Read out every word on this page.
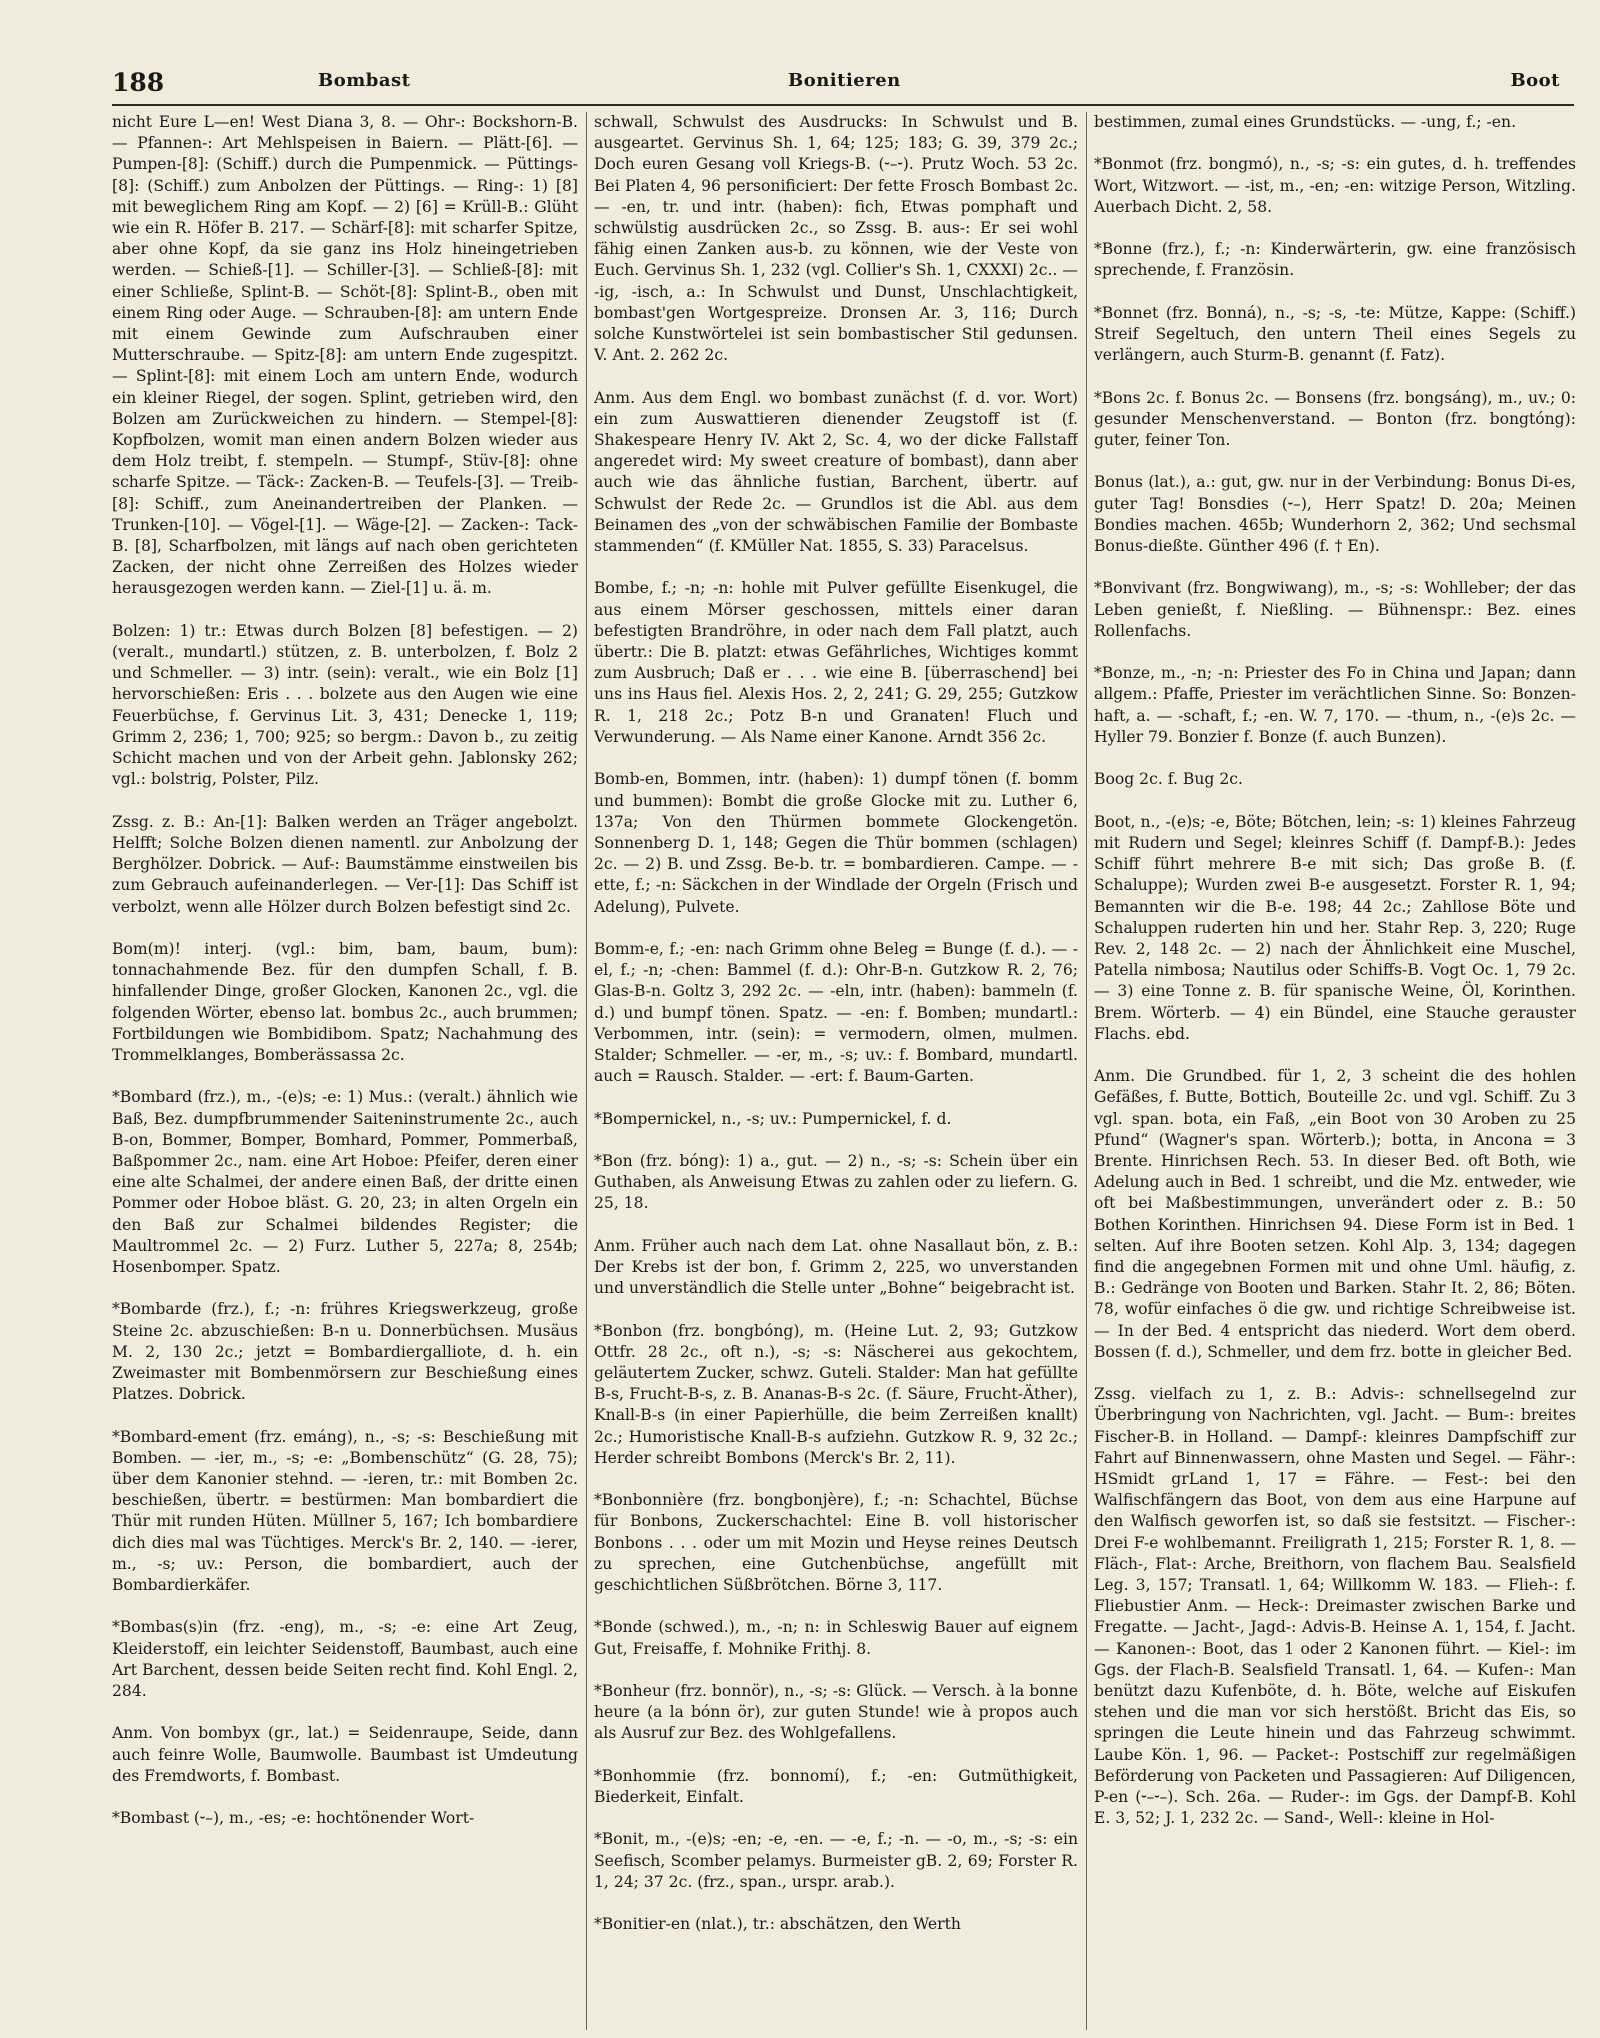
188	Bombast	Bonitieren	Boot
nicht Eure L—en! West Diana 3, 8. — Ohr-: Bockshorn-B. — Pfannen-: Art Mehlspeisen in Baiern. — Plätt-[6]. — Pumpen-[8]: (Schiff.) durch die Pumpenmick. — Püttings-[8]: (Schiff.) zum Anbolzen der Püttings. — Ring-: 1) [8] mit beweglichem Ring am Kopf. — 2) [6] = Krüll-B.: Glüht wie ein R. Höfer B. 217. — Schärf-[8]: mit scharfer Spitze, aber ohne Kopf, da sie ganz ins Holz hineingetrieben werden. — Schieß-[1]. — Schiller-[3]. — Schließ-[8]: mit einer Schließe, Splint-B. — Schöt-[8]: Splint-B., oben mit einem Ring oder Auge. — Schrauben-[8]: am untern Ende mit einem Gewinde zum Aufschrauben einer Mutterschraube. — Spitz-[8]: am untern Ende zugespitzt. — Splint-[8]: mit einem Loch am untern Ende, wodurch ein kleiner Riegel, der sogen. Splint, getrieben wird, den Bolzen am Zurückweichen zu hindern. — Stempel-[8]: Kopfbolzen, womit man einen andern Bolzen wieder aus dem Holz treibt, f. stempeln. — Stumpf-, Stüv-[8]: ohne scharfe Spitze. — Täck-: Zacken-B. — Teufels-[3]. — Treib-[8]: Schiff., zum Aneinandertreiben der Planken. — Trunken-[10]. — Vögel-[1]. — Wäge-[2]. — Zacken-: Tack-B. [8], Scharfbolzen, mit längs auf nach oben gerichteten Zacken, der nicht ohne Zerreißen des Holzes wieder herausgezogen werden kann. — Ziel-[1] u. ä. m.

Bolzen: 1) tr.: Etwas durch Bolzen [8] befestigen. — 2) (veralt., mundartl.) stützen, z. B. unterbolzen, f. Bolz 2 und Schmeller. — 3) intr. (sein): veralt., wie ein Bolz [1] hervorschießen: Eris . . . bolzete aus den Augen wie eine Feuerbüchse, f. Gervinus Lit. 3, 431; Denecke 1, 119; Grimm 2, 236; 1, 700; 925; so bergm.: Davon b., zu zeitig Schicht machen und von der Arbeit gehn. Jablonsky 262; vgl.: bolstrig, Polster, Pilz.

Zssg. z. B.: An-[1]: Balken werden an Träger angebolzt. Helfft; Solche Bolzen dienen namentl. zur Anbolzung der Berghölzer. Dobrick. — Auf-: Baumstämme einstweilen bis zum Gebrauch aufeinanderlegen. — Ver-[1]: Das Schiff ist verbolzt, wenn alle Hölzer durch Bolzen befestigt sind 2c.

Bom(m)! interj. (vgl.: bim, bam, baum, bum): tonnachahmende Bez. für den dumpfen Schall, f. B. hinfallender Dinge, großer Glocken, Kanonen 2c., vgl. die folgenden Wörter, ebenso lat. bombus 2c., auch brummen; Fortbildungen wie Bombidibom. Spatz; Nachahmung des Trommelklanges, Bomberässassa 2c.

*Bombard (frz.), m., -(e)s; -e: 1) Mus.: (veralt.) ähnlich wie Baß, Bez. dumpfbrummender Saiteninstrumente 2c., auch B-on, Bommer, Bomper, Bomhard, Pommer, Pommerbaß, Baßpommer 2c., nam. eine Art Hoboe: Pfeifer, deren einer eine alte Schalmei, der andere einen Baß, der dritte einen Pommer oder Hoboe bläst. G. 20, 23; in alten Orgeln ein den Baß zur Schalmei bildendes Register; die Maultrommel 2c. — 2) Furz. Luther 5, 227a; 8, 254b; Hosenbomper. Spatz.

*Bombarde (frz.), f.; -n: frühres Kriegswerkzeug, große Steine 2c. abzuschießen: B-n u. Donnerbüchsen. Musäus M. 2, 130 2c.; jetzt = Bombardiergalliote, d. h. ein Zweimaster mit Bombenmörsern zur Beschießung eines Platzes. Dobrick.

*Bombard-ement (frz. emáng), n., -s; -s: Beschießung mit Bomben. — -ier, m., -s; -e: „Bombenschütz“ (G. 28, 75); über dem Kanonier stehnd. — -ieren, tr.: mit Bomben 2c. beschießen, übertr. = bestürmen: Man bombardiert die Thür mit runden Hüten. Müllner 5, 167; Ich bombardiere dich dies mal was Tüchtiges. Merck's Br. 2, 140. — -ierer, m., -s; uv.: Person, die bombardiert, auch der Bombardierkäfer.

*Bombas(s)in (frz. -eng), m., -s; -e: eine Art Zeug, Kleiderstoff, ein leichter Seidenstoff, Baumbast, auch eine Art Barchent, dessen beide Seiten recht find. Kohl Engl. 2, 284.

Anm. Von bombyx (gr., lat.) = Seidenraupe, Seide, dann auch feinre Wolle, Baumwolle. Baumbast ist Umdeutung des Fremdworts, f. Bombast.

*Bombast (⏑–), m., -es; -e: hochtönender Wort-
schwall, Schwulst des Ausdrucks: In Schwulst und B. ausgeartet. Gervinus Sh. 1, 64; 125; 183; G. 39, 379 2c.; Doch euren Gesang voll Kriegs-B. (⏑–⏑). Prutz Woch. 53 2c. Bei Platen 4, 96 personificiert: Der fette Frosch Bombast 2c. — -en, tr. und intr. (haben): fich, Etwas pomphaft und schwülstig ausdrücken 2c., so Zssg. B. aus-: Er sei wohl fähig einen Zanken aus-b. zu können, wie der Veste von Euch. Gervinus Sh. 1, 232 (vgl. Collier's Sh. 1, CXXXI) 2c.. — -ig, -isch, a.: In Schwulst und Dunst, Unschlachtigkeit, bombast'gen Wortgespreize. Dronsen Ar. 3, 116; Durch solche Kunstwörtelei ist sein bombastischer Stil gedunsen. V. Ant. 2. 262 2c.

Anm. Aus dem Engl. wo bombast zunächst (f. d. vor. Wort) ein zum Auswattieren dienender Zeugstoff ist (f. Shakespeare Henry IV. Akt 2, Sc. 4, wo der dicke Fallstaff angeredet wird: My sweet creature of bombast), dann aber auch wie das ähnliche fustian, Barchent, übertr. auf Schwulst der Rede 2c. — Grundlos ist die Abl. aus dem Beinamen des „von der schwäbischen Familie der Bombaste stammenden“ (f. KMüller Nat. 1855, S. 33) Paracelsus.

Bombe, f.; -n; -n: hohle mit Pulver gefüllte Eisenkugel, die aus einem Mörser geschossen, mittels einer daran befestigten Brandröhre, in oder nach dem Fall platzt, auch übertr.: Die B. platzt: etwas Gefährliches, Wichtiges kommt zum Ausbruch; Daß er . . . wie eine B. [überraschend] bei uns ins Haus fiel. Alexis Hos. 2, 2, 241; G. 29, 255; Gutzkow R. 1, 218 2c.; Potz B-n und Granaten! Fluch und Verwunderung. — Als Name einer Kanone. Arndt 356 2c.

Bomb-en, Bommen, intr. (haben): 1) dumpf tönen (f. bomm und bummen): Bombt die große Glocke mit zu. Luther 6, 137a; Von den Thürmen bommete Glockengetön. Sonnenberg D. 1, 148; Gegen die Thür bommen (schlagen) 2c. — 2) B. und Zssg. Be-b. tr. = bombardieren. Campe. — -ette, f.; -n: Säckchen in der Windlade der Orgeln (Frisch und Adelung), Pulvete.

Bomm-e, f.; -en: nach Grimm ohne Beleg = Bunge (f. d.). — -el, f.; -n; -chen: Bammel (f. d.): Ohr-B-n. Gutzkow R. 2, 76; Glas-B-n. Goltz 3, 292 2c. — -eln, intr. (haben): bammeln (f. d.) und bumpf tönen. Spatz. — -en: f. Bomben; mundartl.: Verbommen, intr. (sein): = vermodern, olmen, mulmen. Stalder; Schmeller. — -er, m., -s; uv.: f. Bombard, mundartl. auch = Rausch. Stalder. — -ert: f. Baum-Garten.

*Bompernickel, n., -s; uv.: Pumpernickel, f. d.

*Bon (frz. bóng): 1) a., gut. — 2) n., -s; -s: Schein über ein Guthaben, als Anweisung Etwas zu zahlen oder zu liefern. G. 25, 18.

Anm. Früher auch nach dem Lat. ohne Nasallaut bön, z. B.: Der Krebs ist der bon, f. Grimm 2, 225, wo unverstanden und unverständlich die Stelle unter „Bohne“ beigebracht ist.

*Bonbon (frz. bongbóng), m. (Heine Lut. 2, 93; Gutzkow Ottfr. 28 2c., oft n.), -s; -s: Näscherei aus gekochtem, geläutertem Zucker, schwz. Guteli. Stalder: Man hat gefüllte B-s, Frucht-B-s, z. B. Ananas-B-s 2c. (f. Säure, Frucht-Äther), Knall-B-s (in einer Papierhülle, die beim Zerreißen knallt) 2c.; Humoristische Knall-B-s aufziehn. Gutzkow R. 9, 32 2c.; Herder schreibt Bombons (Merck's Br. 2, 11).

*Bonbonnière (frz. bongbonjère), f.; -n: Schachtel, Büchse für Bonbons, Zuckerschachtel: Eine B. voll historischer Bonbons . . . oder um mit Mozin und Heyse reines Deutsch zu sprechen, eine Gutchenbüchse, angefüllt mit geschichtlichen Süßbrötchen. Börne 3, 117.

*Bonde (schwed.), m., -n; n: in Schleswig Bauer auf eignem Gut, Freisaffe, f. Mohnike Frithj. 8.

*Bonheur (frz. bonnör), n., -s; -s: Glück. — Versch. à la bonne heure (a la bónn ör), zur guten Stunde! wie à propos auch als Ausruf zur Bez. des Wohlgefallens.

*Bonhommie (frz. bonnomí), f.; -en: Gutmüthigkeit, Biederkeit, Einfalt.

*Bonit, m., -(e)s; -en; -e, -en. — -e, f.; -n. — -o, m., -s; -s: ein Seefisch, Scomber pelamys. Burmeister gB. 2, 69; Forster R. 1, 24; 37 2c. (frz., span., urspr. arab.).

*Bonitier-en (nlat.), tr.: abschätzen, den Werth
bestimmen, zumal eines Grundstücks. — -ung, f.; -en.

*Bonmot (frz. bongmó), n., -s; -s: ein gutes, d. h. treffendes Wort, Witzwort. — -ist, m., -en; -en: witzige Person, Witzling. Auerbach Dicht. 2, 58.

*Bonne (frz.), f.; -n: Kinderwärterin, gw. eine französisch sprechende, f. Französin.

*Bonnet (frz. Bonná), n., -s; -s, -te: Mütze, Kappe: (Schiff.) Streif Segeltuch, den untern Theil eines Segels zu verlängern, auch Sturm-B. genannt (f. Fatz).

*Bons 2c. f. Bonus 2c. — Bonsens (frz. bongsáng), m., uv.; 0: gesunder Menschenverstand. — Bonton (frz. bongtóng): guter, feiner Ton.

Bonus (lat.), a.: gut, gw. nur in der Verbindung: Bonus Di-es, guter Tag! Bonsdies (⏑–), Herr Spatz! D. 20a; Meinen Bondies machen. 465b; Wunderhorn 2, 362; Und sechsmal Bonus-dießte. Günther 496 (f. † En).

*Bonvivant (frz. Bongwiwang), m., -s; -s: Wohlleber; der das Leben genießt, f. Nießling. — Bühnenspr.: Bez. eines Rollenfachs.

*Bonze, m., -n; -n: Priester des Fo in China und Japan; dann allgem.: Pfaffe, Priester im verächtlichen Sinne. So: Bonzen-haft, a. — -schaft, f.; -en. W. 7, 170. — -thum, n., -(e)s 2c. — Hyller 79. Bonzier f. Bonze (f. auch Bunzen).

Boog 2c. f. Bug 2c.

Boot, n., -(e)s; -e, Böte; Bötchen, lein; -s: 1) kleines Fahrzeug mit Rudern und Segel; kleinres Schiff (f. Dampf-B.): Jedes Schiff führt mehrere B-e mit sich; Das große B. (f. Schaluppe); Wurden zwei B-e ausgesetzt. Forster R. 1, 94; Bemannten wir die B-e. 198; 44 2c.; Zahllose Böte und Schaluppen ruderten hin und her. Stahr Rep. 3, 220; Ruge Rev. 2, 148 2c. — 2) nach der Ähnlichkeit eine Muschel, Patella nimbosa; Nautilus oder Schiffs-B. Vogt Oc. 1, 79 2c. — 3) eine Tonne z. B. für spanische Weine, Öl, Korinthen. Brem. Wörterb. — 4) ein Bündel, eine Stauche gerauster Flachs. ebd.

Anm. Die Grundbed. für 1, 2, 3 scheint die des hohlen Gefäßes, f. Butte, Bottich, Bouteille 2c. und vgl. Schiff. Zu 3 vgl. span. bota, ein Faß, „ein Boot von 30 Aroben zu 25 Pfund“ (Wagner's span. Wörterb.); botta, in Ancona = 3 Brente. Hinrichsen Rech. 53. In dieser Bed. oft Both, wie Adelung auch in Bed. 1 schreibt, und die Mz. entweder, wie oft bei Maßbestimmungen, unverändert oder z. B.: 50 Bothen Korinthen. Hinrichsen 94. Diese Form ist in Bed. 1 selten. Auf ihre Booten setzen. Kohl Alp. 3, 134; dagegen find die angegebnen Formen mit und ohne Uml. häufig, z. B.: Gedränge von Booten und Barken. Stahr It. 2, 86; Böten. 78, wofür einfaches ö die gw. und richtige Schreibweise ist. — In der Bed. 4 entspricht das niederd. Wort dem oberd. Bossen (f. d.), Schmeller, und dem frz. botte in gleicher Bed.

Zssg. vielfach zu 1, z. B.: Advis-: schnellsegelnd zur Überbringung von Nachrichten, vgl. Jacht. — Bum-: breites Fischer-B. in Holland. — Dampf-: kleinres Dampfschiff zur Fahrt auf Binnenwassern, ohne Masten und Segel. — Fähr-: HSmidt grLand 1, 17 = Fähre. — Fest-: bei den Walfischfängern das Boot, von dem aus eine Harpune auf den Walfisch geworfen ist, so daß sie festsitzt. — Fischer-: Drei F-e wohlbemannt. Freiligrath 1, 215; Forster R. 1, 8. — Fläch-, Flat-: Arche, Breithorn, von flachem Bau. Sealsfield Leg. 3, 157; Transatl. 1, 64; Willkomm W. 183. — Flieh-: f. Fliebustier Anm. — Heck-: Dreimaster zwischen Barke und Fregatte. — Jacht-, Jagd-: Advis-B. Heinse A. 1, 154, f. Jacht. — Kanonen-: Boot, das 1 oder 2 Kanonen führt. — Kiel-: im Ggs. der Flach-B. Sealsfield Transatl. 1, 64. — Kufen-: Man benützt dazu Kufenböte, d. h. Böte, welche auf Eiskufen stehen und die man vor sich herstößt. Bricht das Eis, so springen die Leute hinein und das Fahrzeug schwimmt. Laube Kön. 1, 96. — Packet-: Postschiff zur regelmäßigen Beförderung von Packeten und Passagieren: Auf Diligencen, P-en (⏑–⏑–). Sch. 26a. — Ruder-: im Ggs. der Dampf-B. Kohl E. 3, 52; J. 1, 232 2c. — Sand-, Well-: kleine in Hol-
